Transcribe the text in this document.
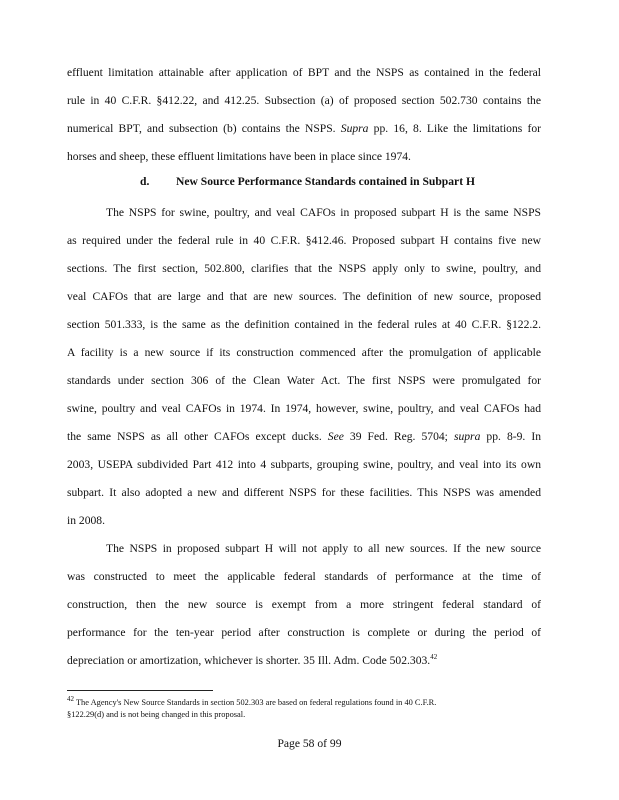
effluent limitation attainable after application of BPT and the NSPS as contained in the federal

rule in 40 C.F.R. §412.22, and 412.25. Subsection (a) of proposed section 502.730 contains the

numerical BPT, and subsection (b) contains the NSPS. Supra pp. 16, 8. Like the limitations for

horses and sheep, these effluent limitations have been in place since 1974.

d. New Source Performance Standards contained in Subpart H

The NSPS for swine, poultry, and veal CAFOs in proposed subpart H is the same NSPS

as required under the federal rule in 40 C.F.R. §412.46. Proposed subpart H contains five new

sections. The first section, 502.800, clarifies that the NSPS apply only to swine, poultry, and

veal CAFOs that are large and that are new sources. The definition of new source, proposed

section 501.333, is the same as the definition contained in the federal rules at 40 C.F.R. §122.2.

A facility is a new source if its construction commenced after the promulgation of applicable

standards under section 306 of the Clean Water Act. The first NSPS were promulgated for

swine, poultry and veal CAFOs in 1974. In 1974, however, swine, poultry, and veal CAFOs had

the same NSPS as all other CAFOs except ducks. See 39 Fed. Reg. 5704; supra pp. 8-9. In

2003, USEPA subdivided Part 412 into 4 subparts, grouping swine, poultry, and veal into its own

subpart. It also adopted a new and different NSPS for these facilities. This NSPS was amended

in 2008.

The NSPS in proposed subpart H will not apply to all new sources. If the new source

was constructed to meet the applicable federal standards of performance at the time of

construction, then the new source is exempt from a more stringent federal standard of

performance for the ten-year period after construction is complete or during the period of

depreciation or amortization, whichever is shorter. 35 Ill. Adm. Code 502.303.42

$^{42}$ The Agency's New Source Standards in section 502.303 are based on federal regulations found in 40 C.F.R.

§122.29(d) and is not being changed in this proposal.

Page 58 of 99
